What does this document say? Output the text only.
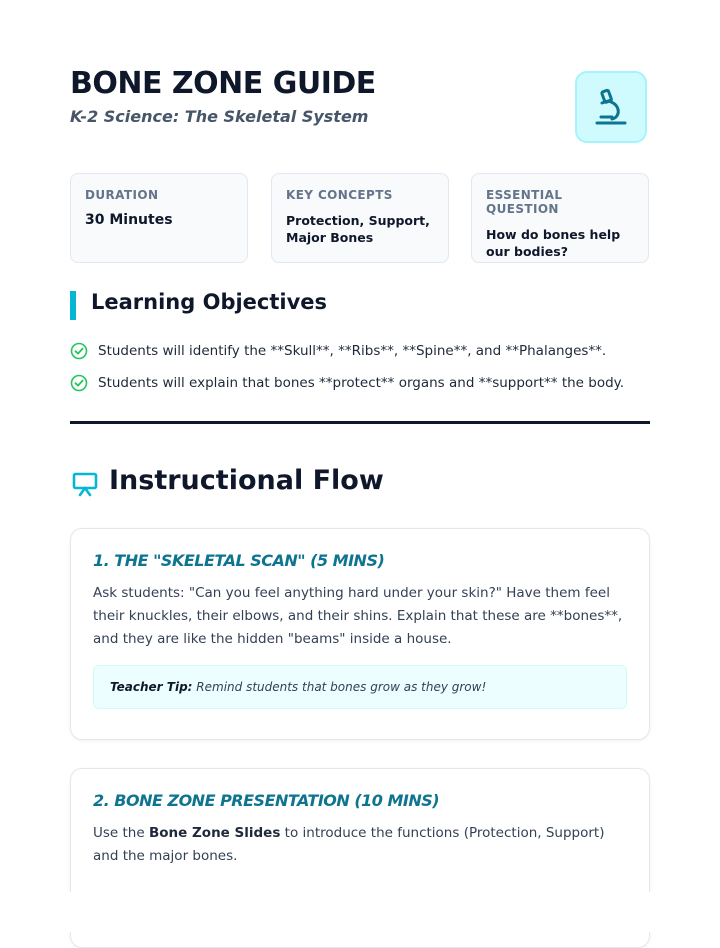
BONE ZONE GUIDE

K-2 Science: The Skeletal System

DURATION
30 Minutes
KEY CONCEPTS
Protection, Support, Major Bones
ESSENTIAL QUESTION
How do bones help our bodies?
Learning Objectives
Students will identify the **Skull**, **Ribs**, **Spine**, and **Phalanges**.
Students will explain that bones **protect** organs and **support** the body.
Instructional Flow
1. THE "SKELETAL SCAN" (5 MINS)

Ask students: "Can you feel anything hard under your skin?" Have them feel their knuckles, their elbows, and their shins. Explain that these are **bones**, and they are like the hidden "beams" inside a house.

Teacher Tip: Remind students that bones grow as they grow!
2. BONE ZONE PRESENTATION (10 MINS)

Use the Bone Zone Slides to introduce the functions (Protection, Support) and the major bones.
